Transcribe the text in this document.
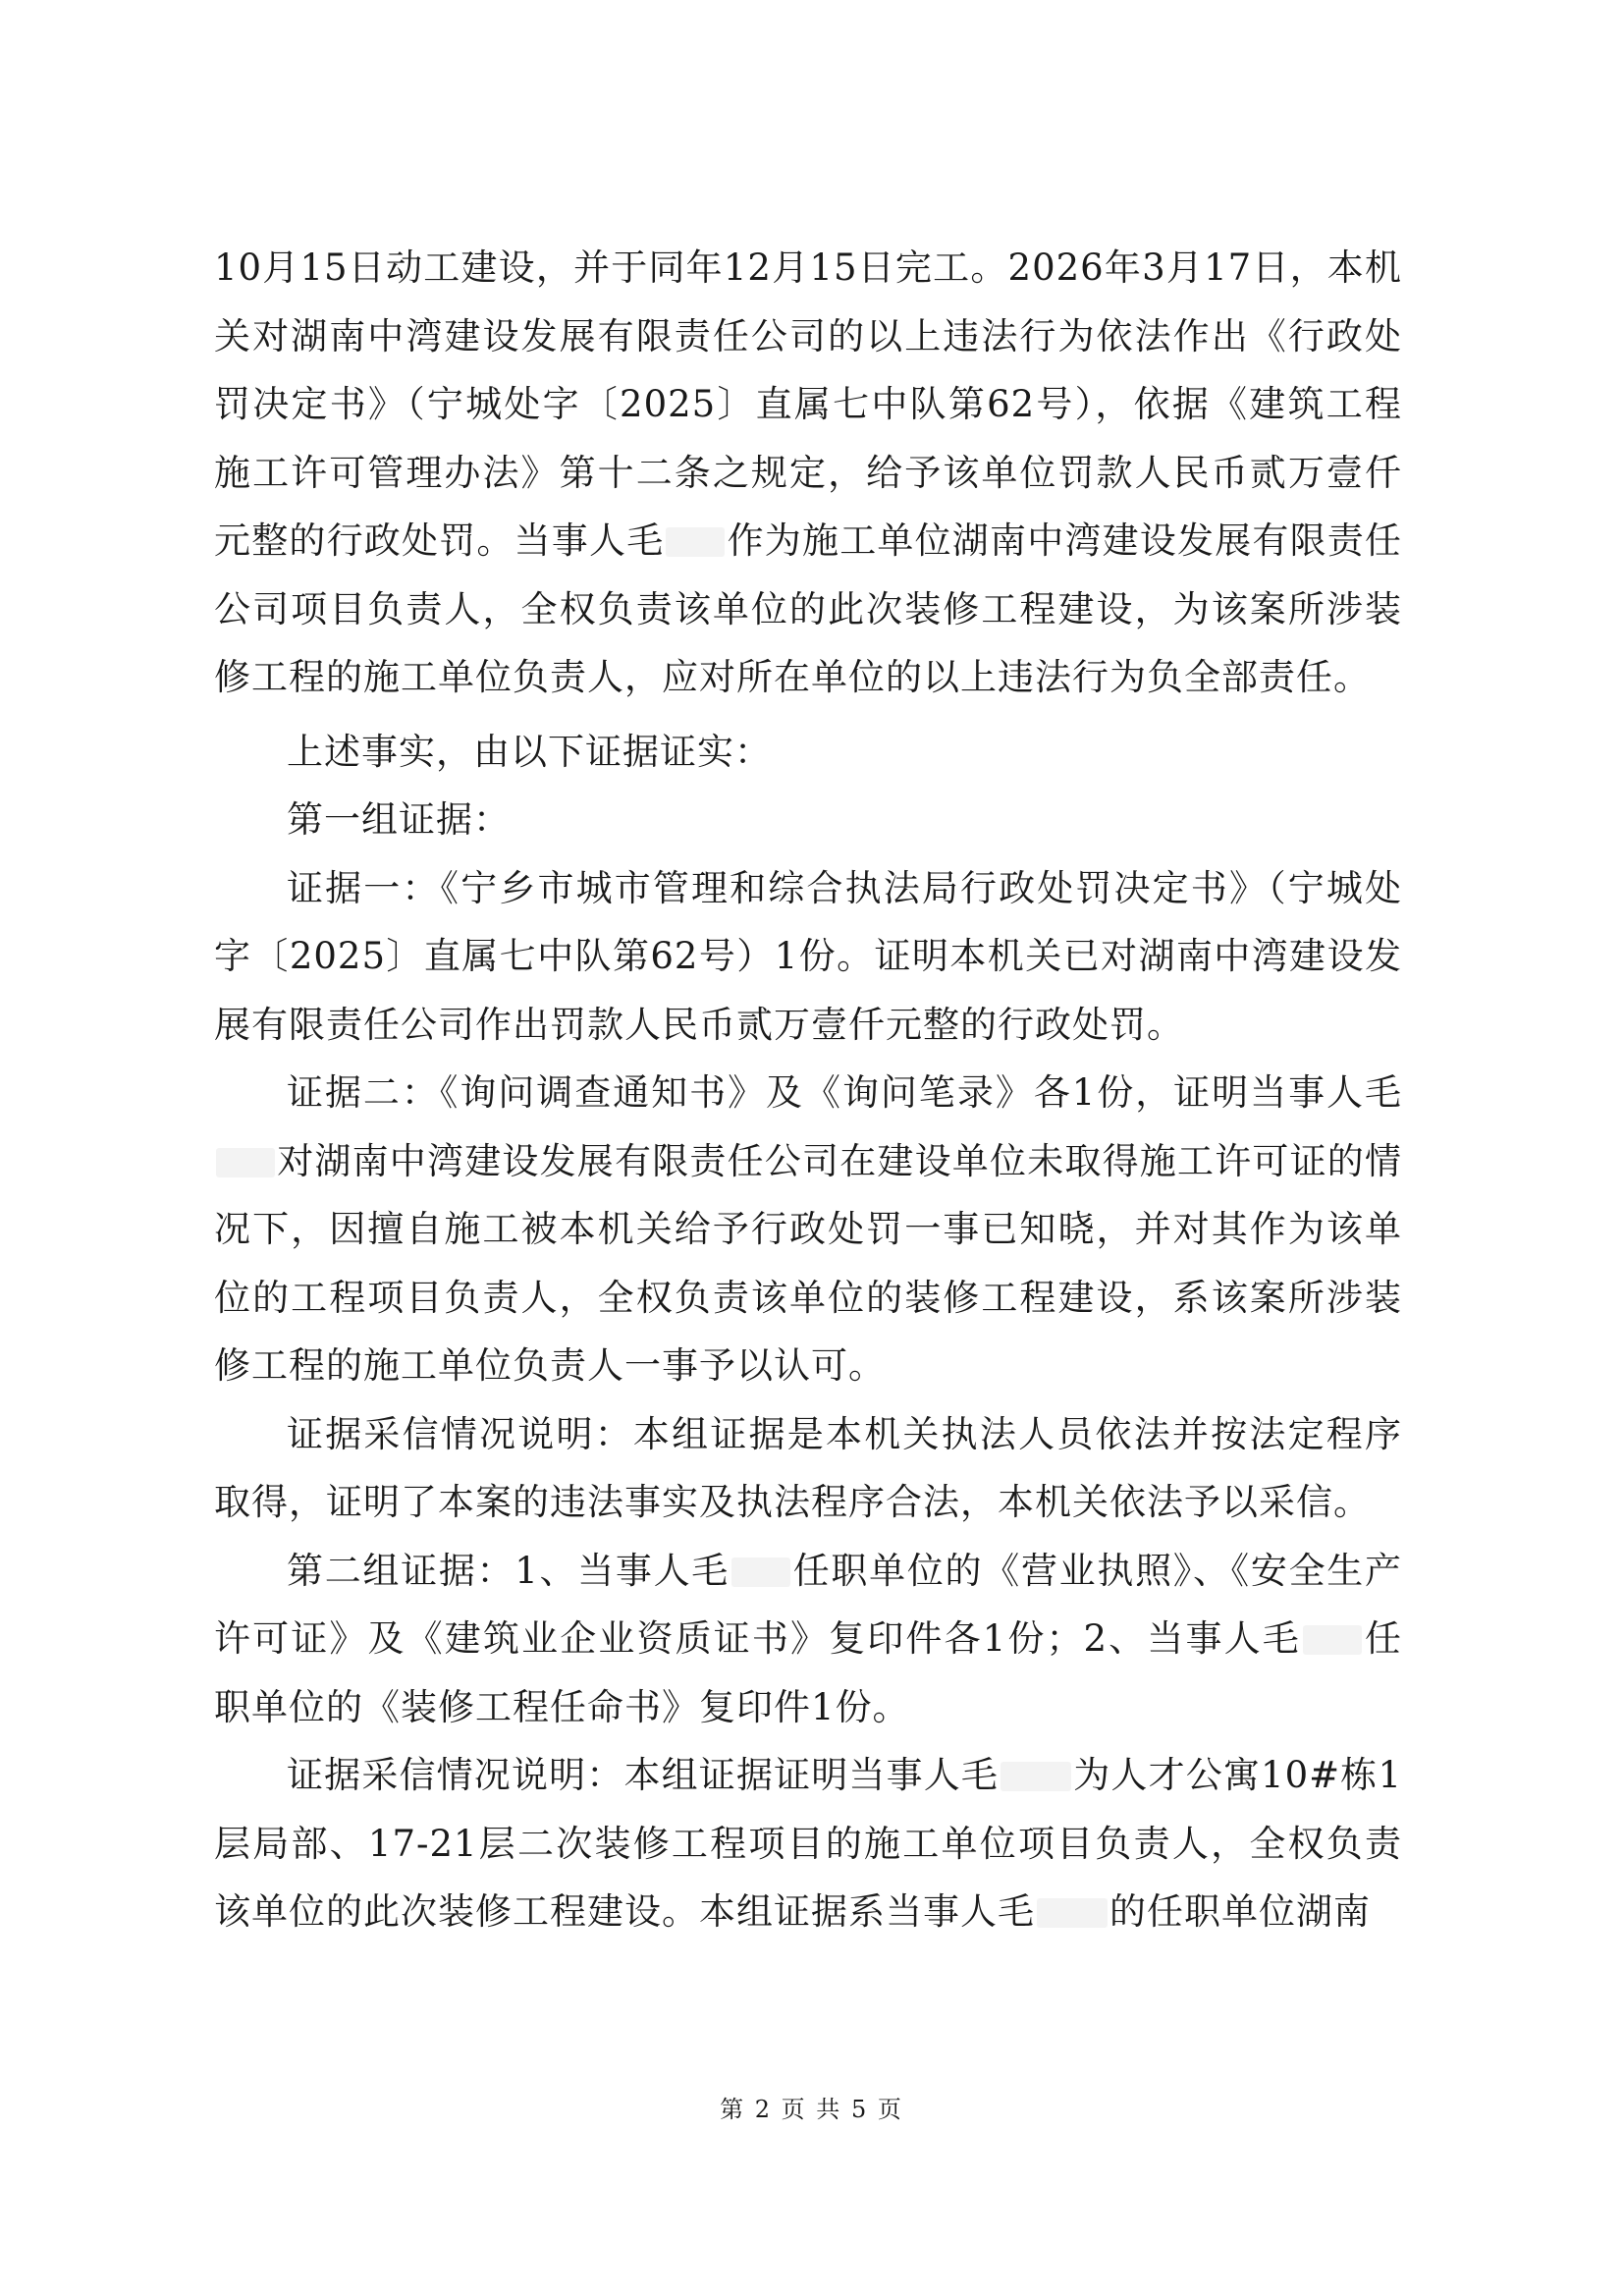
10月15日动工建设，并于同年12月15日完工。2026年3月17日，本机关对湖南中湾建设发展有限责任公司的以上违法行为依法作出《行政处罚决定书》（宁城处字〔2025〕直属七中队第62号），依据《建筑工程施工许可管理办法》第十二条之规定，给予该单位罚款人民币贰万壹仟元整的行政处罚。当事人毛 作为施工单位湖南中湾建设发展有限责任公司项目负责人，全权负责该单位的此次装修工程建设，为该案所涉装修工程的施工单位负责人，应对所在单位的以上违法行为负全部责任。

上述事实，由以下证据证实：

第一组证据：

证据一：《宁乡市城市管理和综合执法局行政处罚决定书》（宁城处字〔2025〕直属七中队第62号）1份。证明本机关已对湖南中湾建设发展有限责任公司作出罚款人民币贰万壹仟元整的行政处罚。

证据二：《询问调查通知书》及《询问笔录》各1份，证明当事人毛对湖南中湾建设发展有限责任公司在建设单位未取得施工许可证的情况下，因擅自施工被本机关给予行政处罚一事已知晓，并对其作为该单位的工程项目负责人，全权负责该单位的装修工程建设，系该案所涉装修工程的施工单位负责人一事予以认可。

证据采信情况说明：本组证据是本机关执法人员依法并按法定程序取得，证明了本案的违法事实及执法程序合法，本机关依法予以采信。

第二组证据：1、当事人毛 任职单位的《营业执照》、《安全生产许可证》及《建筑业企业资质证书》复印件各1份；2、当事人毛 任职单位的《装修工程任命书》复印件1份。

证据采信情况说明：本组证据证明当事人毛 为人才公寓10#栋1层局部、17-21层二次装修工程项目的施工单位项目负责人，全权负责该单位的此次装修工程建设。本组证据系当事人毛 的任职单位湖南

第 2 页 共 5 页
